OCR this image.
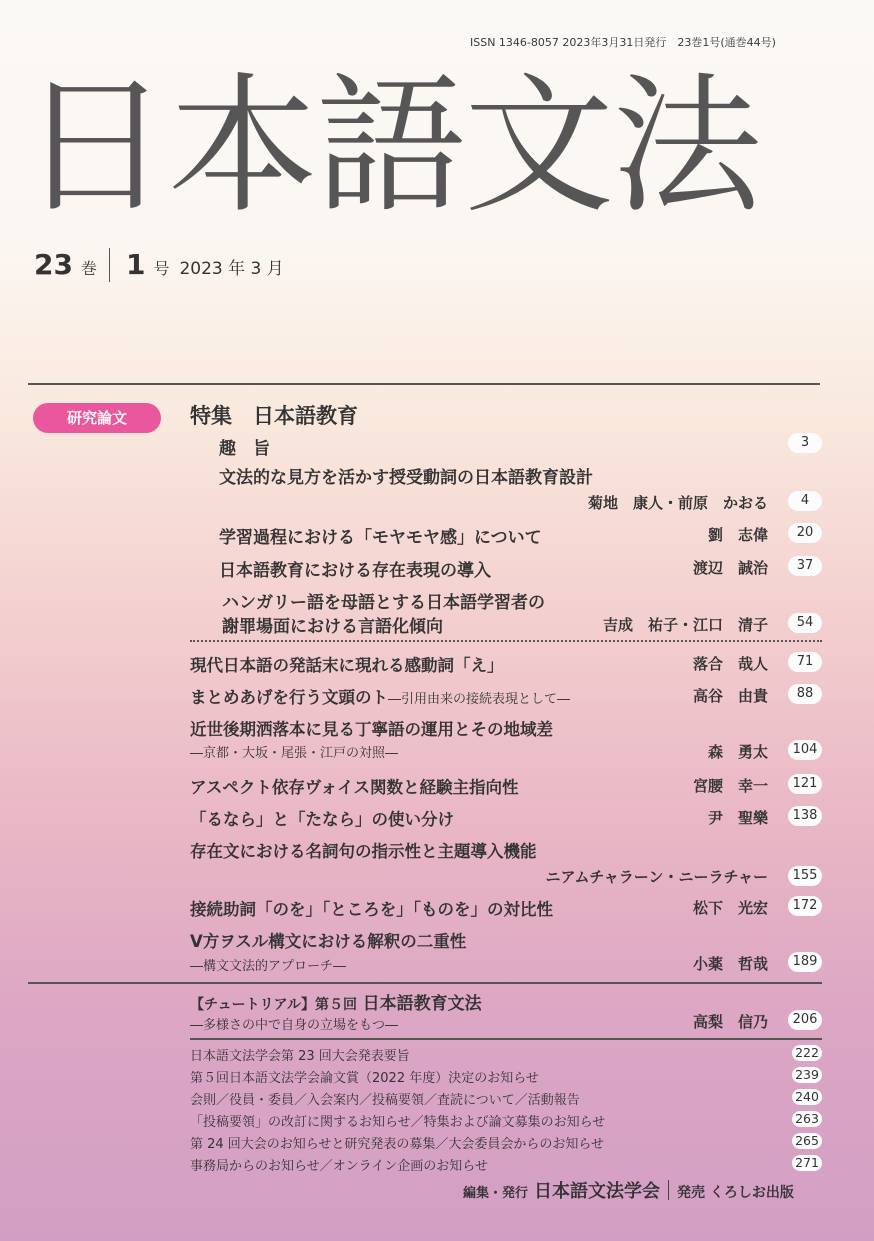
ISSN 1346-8057 2023年3月31日発行　23巻1号(通巻44号)
日本語文法
23 巻 1 号 2023 年 3 月
研究論文	特集　日本語教育
趣　旨	3
文法的な見方を活かす授受動詞の日本語教育設計
菊地　康人・前原　かおる	4
学習過程における「モヤモヤ感」について	劉　志偉	20
日本語教育における存在表現の導入	渡辺　誠治	37
ハンガリー語を母語とする日本語学習者の
謝罪場面における言語化傾向	吉成　祐子・江口　清子	54
現代日本語の発話末に現れる感動詞「え」	落合　哉人	71
まとめあげを行う文頭のト―引用由来の接続表現として―	高谷　由貴	88
近世後期洒落本に見る丁寧語の運用とその地域差
―京都・大坂・尾張・江戸の対照―	森　勇太	104
アスペクト依存ヴォイス関数と経験主指向性	宮腰　幸一	121
「るなら」と「たなら」の使い分け	尹　聖樂	138
存在文における名詞句の指示性と主題導入機能
ニアムチャラーン・ニーラチャー	155
接続助詞「のを」「ところを」「ものを」の対比性	松下　光宏	172
V方ヲスル構文における解釈の二重性
―構文文法的アプローチ―	小薬　哲哉	189
【チュートリアル】第５回 日本語教育文法
―多様さの中で自身の立場をもつ―	高梨　信乃	206
日本語文法学会第 23 回大会発表要旨	222
第５回日本語文法学会論文賞（2022 年度）決定のお知らせ	239
会則／役員・委員／入会案内／投稿要領／査読について／活動報告	240
「投稿要領」の改訂に関するお知らせ／特集および論文募集のお知らせ	263
第 24 回大会のお知らせと研究発表の募集／大会委員会からのお知らせ	265
事務局からのお知らせ／オンライン企画のお知らせ	271
編集・発行 日本語文法学会 発売 くろしお出版
